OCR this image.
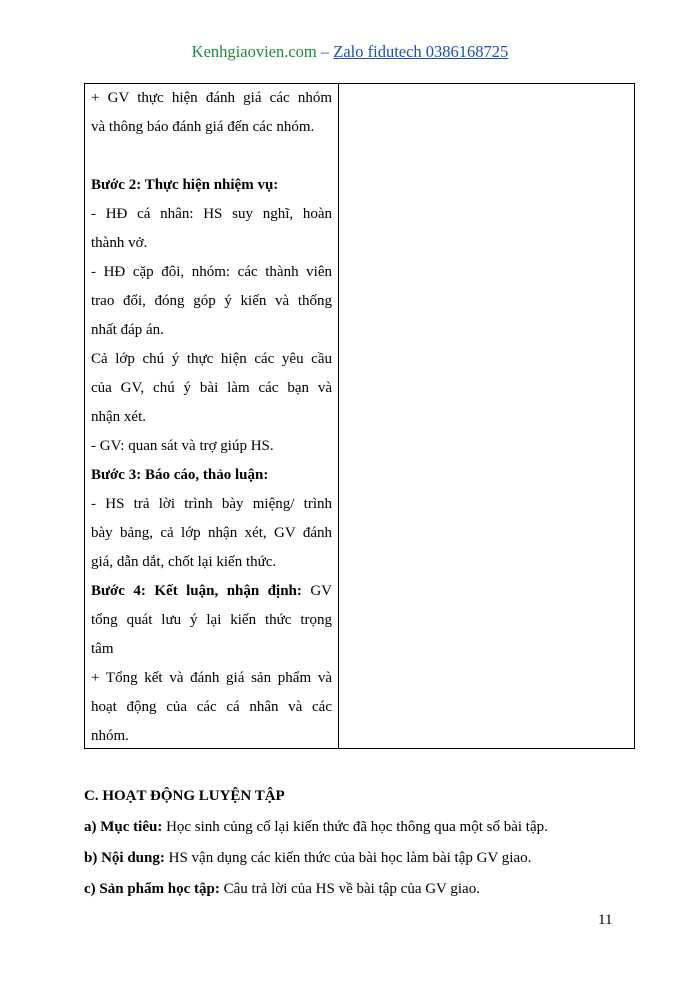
Kenhgiaovien.com – Zalo fidutech 0386168725

+ GV thực hiện đánh giá các nhóm

và thông báo đánh giá đến các nhóm.

Bước 2: Thực hiện nhiệm vụ:

- HĐ cá nhân: HS suy nghĩ, hoàn

thành vở.

- HĐ cặp đôi, nhóm: các thành viên

trao đổi, đóng góp ý kiến và thống

nhất đáp án.

Cả lớp chú ý thực hiện các yêu cầu

của GV, chú ý bài làm các bạn và

nhận xét.

- GV: quan sát và trợ giúp HS.

Bước 3: Báo cáo, thảo luận:

- HS trả lời trình bày miệng/ trình

bày bảng, cả lớp nhận xét, GV đánh

giá, dẫn dắt, chốt lại kiến thức.

Bước 4: Kết luận, nhận định: GV

tổng quát lưu ý lại kiến thức trọng

tâm

+ Tổng kết và đánh giá sản phẩm và

hoạt động của các cá nhân và các

nhóm.

C. HOẠT ĐỘNG LUYỆN TẬP
a) Mục tiêu: Học sinh củng cố lại kiến thức đã học thông qua một số bài tập.
b) Nội dung: HS vận dụng các kiến thức của bài học làm bài tập GV giao.
c) Sản phẩm học tập: Câu trả lời của HS về bài tập của GV giao.
11
